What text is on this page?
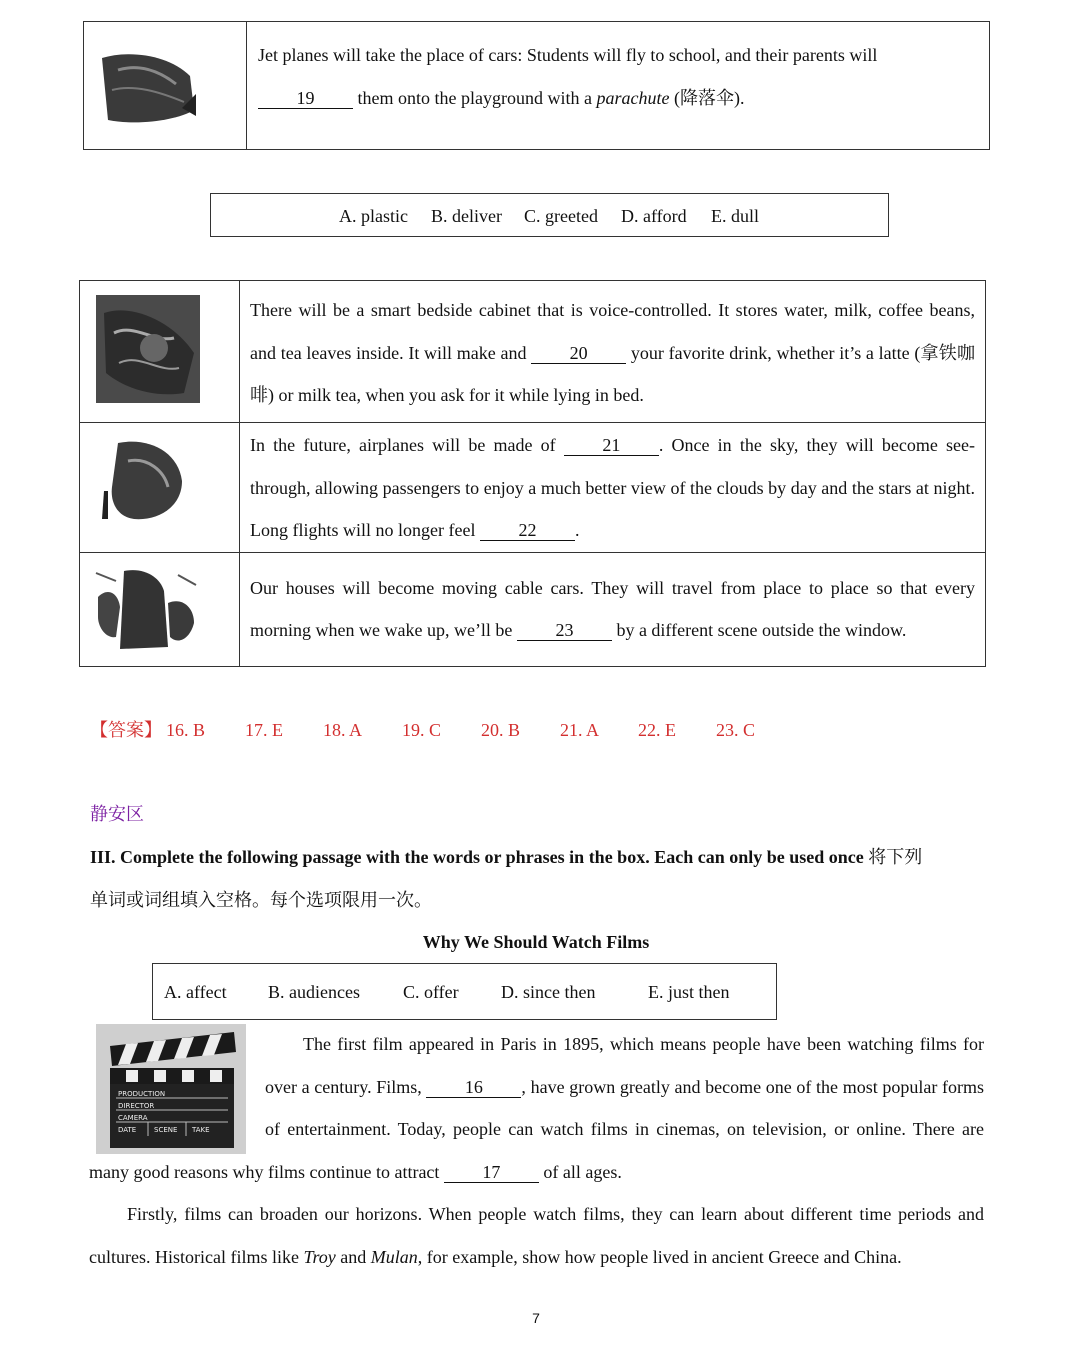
Jet planes will take the place of cars: Students will fly to school, and their parents will
19 them onto the playground with a parachute (降落伞).
A. plastic B. deliver C. greeted D. afford E. dull

There will be a smart bedside cabinet that is voice-controlled. It stores water, milk, coffee beans, and tea leaves inside. It will make and 20 your favorite drink, whether it’s a latte (拿铁咖啡) or milk tea, when you ask for it while lying in bed.

In the future, airplanes will be made of 21 . Once in the sky, they will become see-through, allowing passengers to enjoy a much better view of the clouds by day and the stars at night. Long flights will no longer feel 22 .

Our houses will become moving cable cars. They will travel from place to place so that every morning when we wake up, we’ll be 23 by a different scene outside the window.
【答案】 16. B 17. E 18. A 19. C 20. B 21. A 22. E 23. C
静安区
III. Complete the following passage with the words or phrases in the box. Each can only be used once 将下列
单词或词组填入空格。每个选项限用一次。
Why We Should Watch Films
A. affect B. audiences C. offer D. since then	E. just then
PRODUCTION
DIRECTOR
CAMERA
DATE	SCENE TAKE
The first film appeared in Paris in 1895, which means people have been watching films for over a century. Films, 16 , have grown greatly and become one of the most popular forms of entertainment. Today, people can watch films in cinemas, on television, or online. There are many good reasons why films continue to attract 17 of all ages.
Firstly, films can broaden our horizons. When people watch films, they can learn about different time periods and cultures. Historical films like Troy and Mulan, for example, show how people lived in ancient Greece and China.
7
